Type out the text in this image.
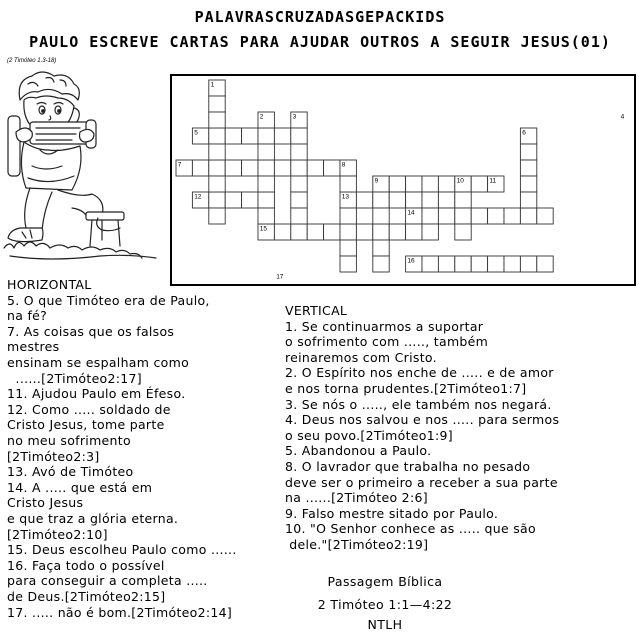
PALAVRASCRUZADASGEPACKIDS
PAULO ESCREVE CARTAS PARA AJUDAR OUTROS A SEGUIR JESUS(01)
(2 Timóteo 1.3-18)
1
2	3	4
5	6
7	8
9	10	11
12	13
14
15
16
17
HORIZONTAL
5. O que Timóteo era de Paulo,
na fé?
7. As coisas que os falsos
mestres
ensinam se espalham como
......[2Timóteo2:17]
11. Ajudou Paulo em Éfeso.
12. Como ..... soldado de
Cristo Jesus, tome parte
no meu sofrimento
[2Timóteo2:3]
13. Avó de Timóteo
14. A ..... que está em
Cristo Jesus
e que traz a glória eterna.
[2Timóteo2:10]
15. Deus escolheu Paulo como ......
16. Faça todo o possível
para conseguir a completa .....
de Deus.[2Timóteo2:15]
17. ..... não é bom.[2Timóteo2:14]
VERTICAL
1. Se continuarmos a suportar
o sofrimento com ....., também
reinaremos com Cristo.
2. O Espírito nos enche de ..... e de amor
e nos torna prudentes.[2Timóteo1:7]
3. Se nós o ....., ele também nos negará.
4. Deus nos salvou e nos ..... para sermos
o seu povo.[2Timóteo1:9]
5. Abandonou a Paulo.
8. O lavrador que trabalha no pesado
deve ser o primeiro a receber a sua parte
na ......[2Timóteo 2:6]
9. Falso mestre sitado por Paulo.
10. "O Senhor conhece as ..... que são
dele."[2Timóteo2:19]
Passagem Bíblica
2 Timóteo 1:1—4:22
NTLH
